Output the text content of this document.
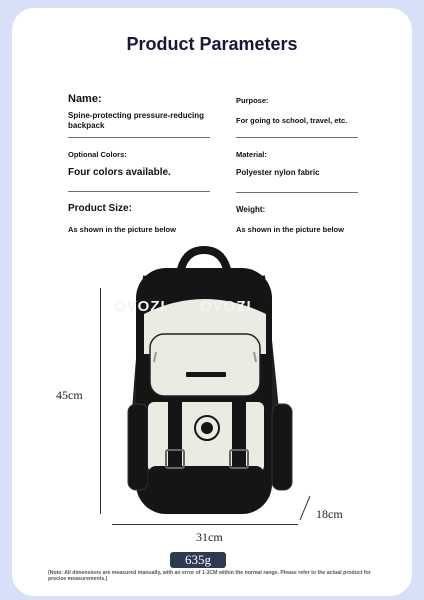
Product Parameters
Name:
Spine-protecting pressure-reducing backpack
Purpose:
For going to school, travel, etc.
Optional Colors:
Four colors available.
Material:
Polyester nylon fabric
Product Size:
As shown in the picture below
Weight:
As shown in the picture below
OVOZI OVOZI
45cm
31cm
18cm
635g
(Note: All dimensions are measured manually, with an error of 1-3CM within the normal range. Please refer to the actual product for precise measurements.)
